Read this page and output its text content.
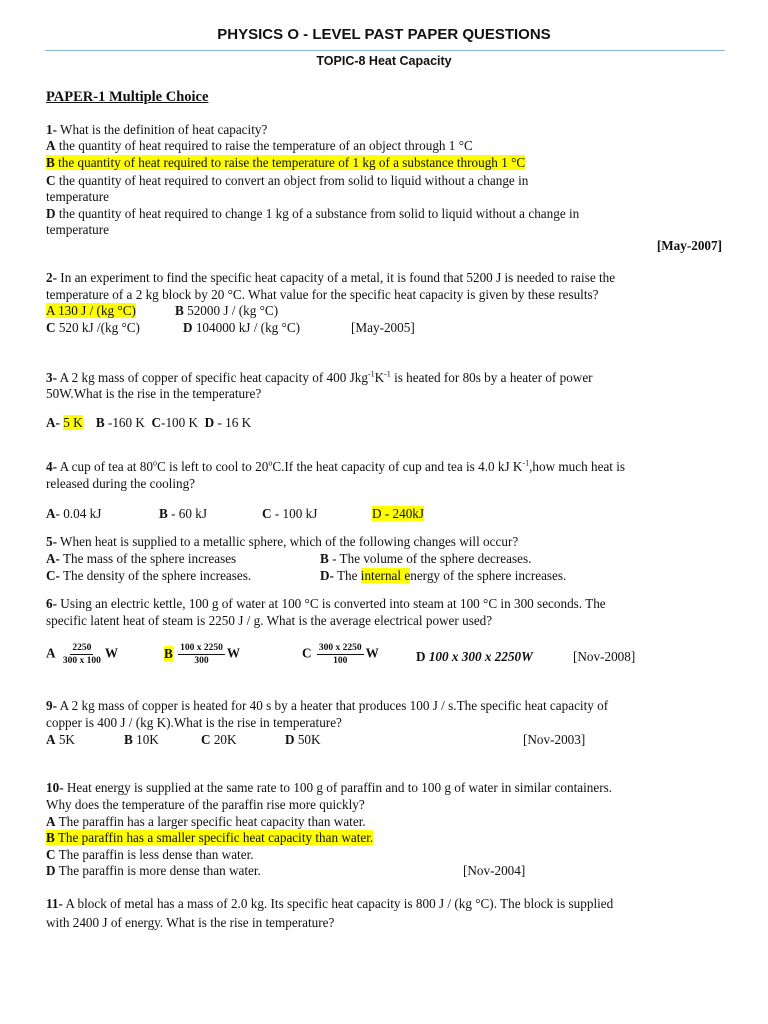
PHYSICS O - LEVEL PAST PAPER QUESTIONS
TOPIC-8 Heat Capacity
PAPER-1 Multiple Choice
1- What is the definition of heat capacity?
A the quantity of heat required to raise the temperature of an object through 1 °C
B the quantity of heat required to raise the temperature of 1 kg of a substance through 1 °C
C the quantity of heat required to convert an object from solid to liquid without a change in
temperature
D the quantity of heat required to change 1 kg of a substance from solid to liquid without a change in
temperature
[May-2007]
2- In an experiment to find the specific heat capacity of a metal, it is found that 5200 J is needed to raise the
temperature of a 2 kg block by 20 °C. What value for the specific heat capacity is given by these results?
A 130 J / (kg °C)	B 52000 J / (kg °C)
C 520 kJ /(kg °C)	D 104000 kJ / (kg °C)	[May-2005]
3- A 2 kg mass of copper of specific heat capacity of 400 $Jkg^{-1}K^{-1}$ is heated for 80s by a heater of power
50W.What is the rise in the temperature?
A- 5 K B -160 K C-100 K D - 16 K
4- A cup of tea at 80$^o$C is left to cool to 20$^o$C.If the heat capacity of cup and tea is 4.0 kJ $K^{-1},how$ much heat is
released during the cooling?
A- 0.04 kJ	B - 60 kJ	C - 100 kJ	D - 240kJ
5- When heat is supplied to a metallic sphere, which of the following changes will occur?
A- The mass of the sphere increases	B - The volume of the sphere decreases.
C- The density of the sphere increases.	D- The internal energy of the sphere increases.
6- Using an electric kettle, 100 g of water at 100 °C is converted into steam at 100 °C in 300 seconds. The
specific latent heat of steam is 2250 J / g. What is the average electrical power used?
A $\frac{2250}{300 x 100}$ W	B $\frac{100 x 2250}{300}$ W	C $\frac{300 x 2250}{100}$ W	D 100 x 300 x 2250W	[Nov-2008]
9- A 2 kg mass of copper is heated for 40 s by a heater that produces 100 J / s.The specific heat capacity of
copper is 400 J / (kg K).What is the rise in temperature?
A 5K	B 10K	C 20K	D 50K	[Nov-2003]
10- Heat energy is supplied at the same rate to 100 g of paraffin and to 100 g of water in similar containers.
Why does the temperature of the paraffin rise more quickly?
A The paraffin has a larger specific heat capacity than water.
B The paraffin has a smaller specific heat capacity than water.
C The paraffin is less dense than water.
D The paraffin is more dense than water.	[Nov-2004]
11- A block of metal has a mass of 2.0 kg. Its specific heat capacity is 800 J / (kg °C). The block is supplied
with 2400 J of energy. What is the rise in temperature?
